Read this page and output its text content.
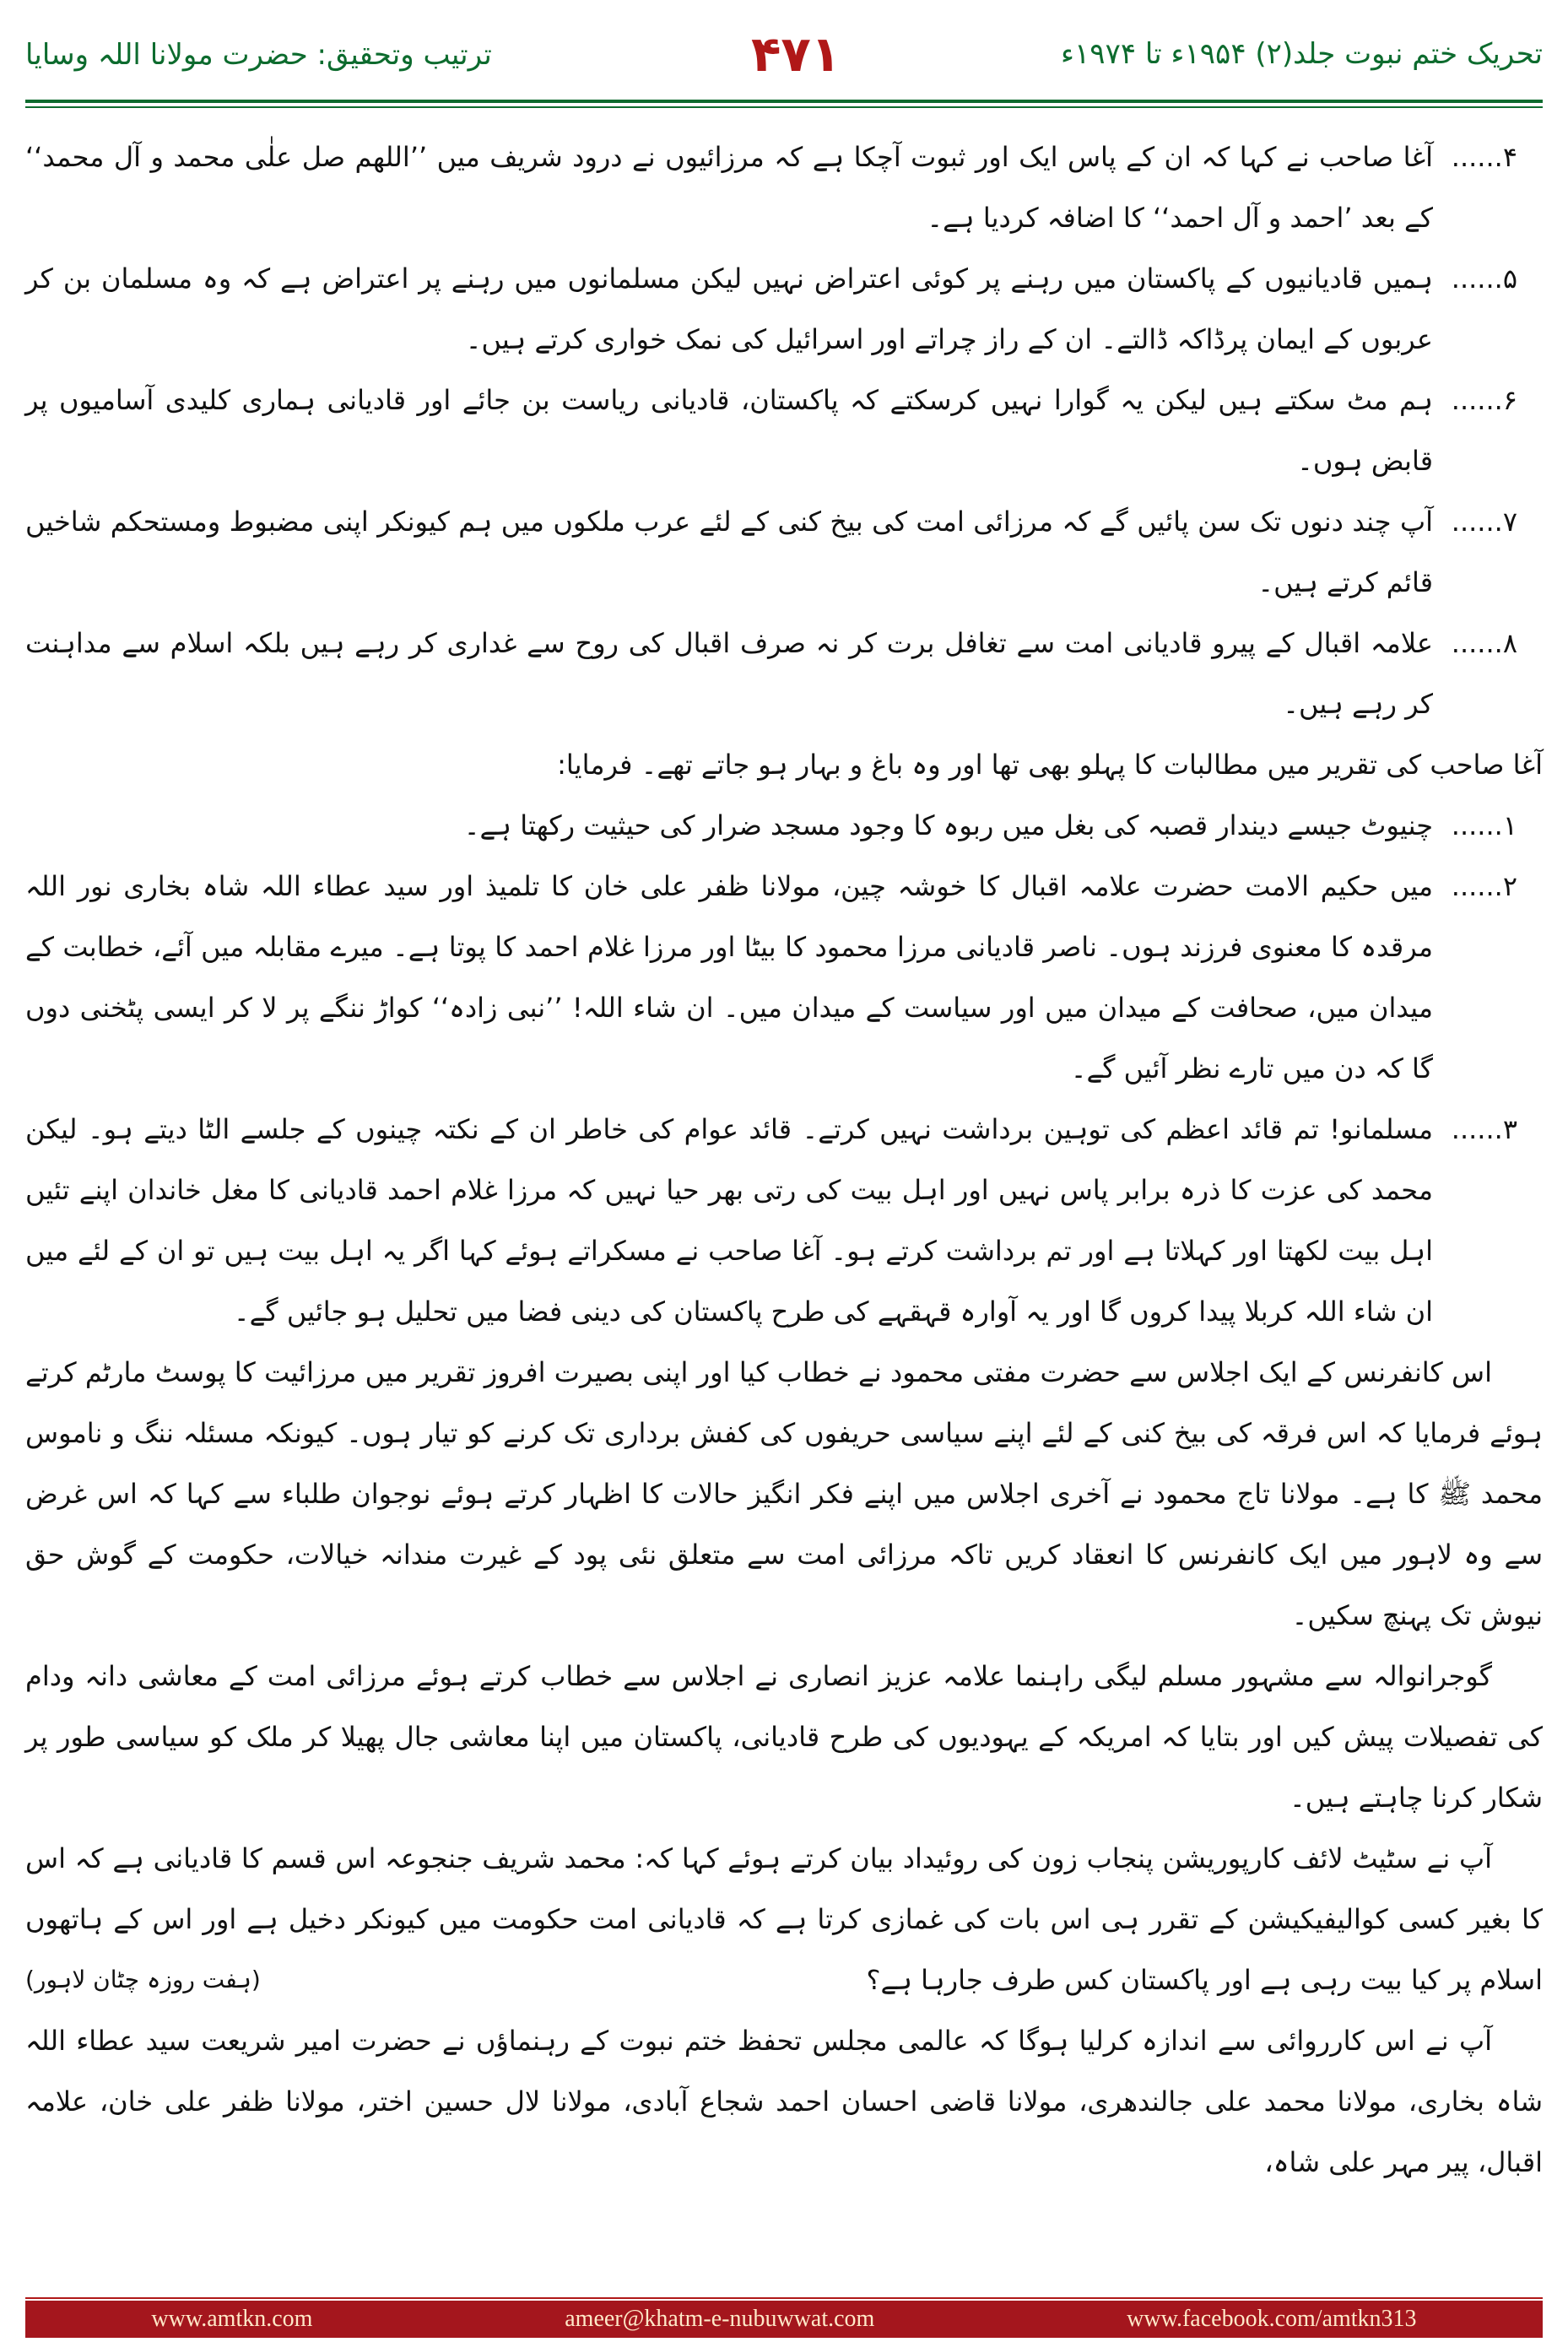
ترتیب وتحقیق: حضرت مولانا اللہ وسایا	۴۷۱	تحریک ختم نبوت جلد(۲) ۱۹۵۴ء تا ۱۹۷۴ء
۴......
آغا صاحب نے کہا کہ ان کے پاس ایک اور ثبوت آچکا ہے کہ مرزائیوں نے درود شریف میں ’’اللھم صل علٰی محمد و آل محمد‘‘ کے بعد ’احمد و آل احمد‘‘ کا اضافہ کردیا ہے۔
۵......
ہمیں قادیانیوں کے پاکستان میں رہنے پر کوئی اعتراض نہیں لیکن مسلمانوں میں رہنے پر اعتراض ہے کہ وہ مسلمان بن کر عربوں کے ایمان پرڈاکہ ڈالتے۔ ان کے راز چراتے اور اسرائیل کی نمک خواری کرتے ہیں۔
۶......
ہم مٹ سکتے ہیں لیکن یہ گوارا نہیں کرسکتے کہ پاکستان، قادیانی ریاست بن جائے اور قادیانی ہماری کلیدی آسامیوں پر قابض ہوں۔
۷......
آپ چند دنوں تک سن پائیں گے کہ مرزائی امت کی بیخ کنی کے لئے عرب ملکوں میں ہم کیونکر اپنی مضبوط ومستحکم شاخیں قائم کرتے ہیں۔
۸......
علامہ اقبال کے پیرو قادیانی امت سے تغافل برت کر نہ صرف اقبال کی روح سے غداری کر رہے ہیں بلکہ اسلام سے مداہنت کر رہے ہیں۔

آغا صاحب کی تقریر میں مطالبات کا پہلو بھی تھا اور وہ باغ و بہار ہو جاتے تھے۔ فرمایا:

۱......
چنیوٹ جیسے دیندار قصبہ کی بغل میں ربوہ کا وجود مسجد ضرار کی حیثیت رکھتا ہے۔
۲......
میں حکیم الامت حضرت علامہ اقبال کا خوشہ چین، مولانا ظفر علی خان کا تلمیذ اور سید عطاء اللہ شاہ بخاری نور اللہ مرقدہ کا معنوی فرزند ہوں۔ ناصر قادیانی مرزا محمود کا بیٹا اور مرزا غلام احمد کا پوتا ہے۔ میرے مقابلہ میں آئے، خطابت کے میدان میں، صحافت کے میدان میں اور سیاست کے میدان میں۔ ان شاء اللہ! ’’نبی زادہ‘‘ کواڑ ننگے پر لا کر ایسی پٹخنی دوں گا کہ دن میں تارے نظر آئیں گے۔
۳......
مسلمانو! تم قائد اعظم کی توہین برداشت نہیں کرتے۔ قائد عوام کی خاطر ان کے نکتہ چینوں کے جلسے الٹا دیتے ہو۔ لیکن محمد کی عزت کا ذرہ برابر پاس نہیں اور اہل بیت کی رتی بھر حیا نہیں کہ مرزا غلام احمد قادیانی کا مغل خاندان اپنے تئیں اہل بیت لکھتا اور کہلاتا ہے اور تم برداشت کرتے ہو۔ آغا صاحب نے مسکراتے ہوئے کہا اگر یہ اہل بیت ہیں تو ان کے لئے میں ان شاء اللہ کربلا پیدا کروں گا اور یہ آوارہ قہقہے کی طرح پاکستان کی دینی فضا میں تحلیل ہو جائیں گے۔

اس کانفرنس کے ایک اجلاس سے حضرت مفتی محمود نے خطاب کیا اور اپنی بصیرت افروز تقریر میں مرزائیت کا پوسٹ مارٹم کرتے ہوئے فرمایا کہ اس فرقہ کی بیخ کنی کے لئے اپنے سیاسی حریفوں کی کفش برداری تک کرنے کو تیار ہوں۔ کیونکہ مسئلہ ننگ و ناموس محمد ﷺ کا ہے۔ مولانا تاج محمود نے آخری اجلاس میں اپنے فکر انگیز حالات کا اظہار کرتے ہوئے نوجوان طلباء سے کہا کہ اس غرض سے وہ لاہور میں ایک کانفرنس کا انعقاد کریں تاکہ مرزائی امت سے متعلق نئی پود کے غیرت مندانہ خیالات، حکومت کے گوش حق نیوش تک پہنچ سکیں۔

گوجرانوالہ سے مشہور مسلم لیگی راہنما علامہ عزیز انصاری نے اجلاس سے خطاب کرتے ہوئے مرزائی امت کے معاشی دانہ ودام کی تفصیلات پیش کیں اور بتایا کہ امریکہ کے یہودیوں کی طرح قادیانی، پاکستان میں اپنا معاشی جال پھیلا کر ملک کو سیاسی طور پر شکار کرنا چاہتے ہیں۔

آپ نے سٹیٹ لائف کارپوریشن پنجاب زون کی روئیداد بیان کرتے ہوئے کہا کہ: محمد شریف جنجوعہ اس قسم کا قادیانی ہے کہ اس کا بغیر کسی کوالیفیکیشن کے تقرر ہی اس بات کی غمازی کرتا ہے کہ قادیانی امت حکومت میں کیونکر دخیل ہے اور اس کے ہاتھوں اسلام پر کیا بیت رہی ہے اور پاکستان کس طرف جارہا ہے؟
(ہفت روزہ چٹان لاہور)

آپ نے اس کارروائی سے اندازہ کرلیا ہوگا کہ عالمی مجلس تحفظ ختم نبوت کے رہنماؤں نے حضرت امیر شریعت سید عطاء اللہ شاہ بخاری، مولانا محمد علی جالندھری، مولانا قاضی احسان احمد شجاع آبادی، مولانا لال حسین اختر، مولانا ظفر علی خان، علامہ اقبال، پیر مہر علی شاہ،

www.amtkn.com	ameer@khatm-e-nubuwwat.com	www.facebook.com/amtkn313
